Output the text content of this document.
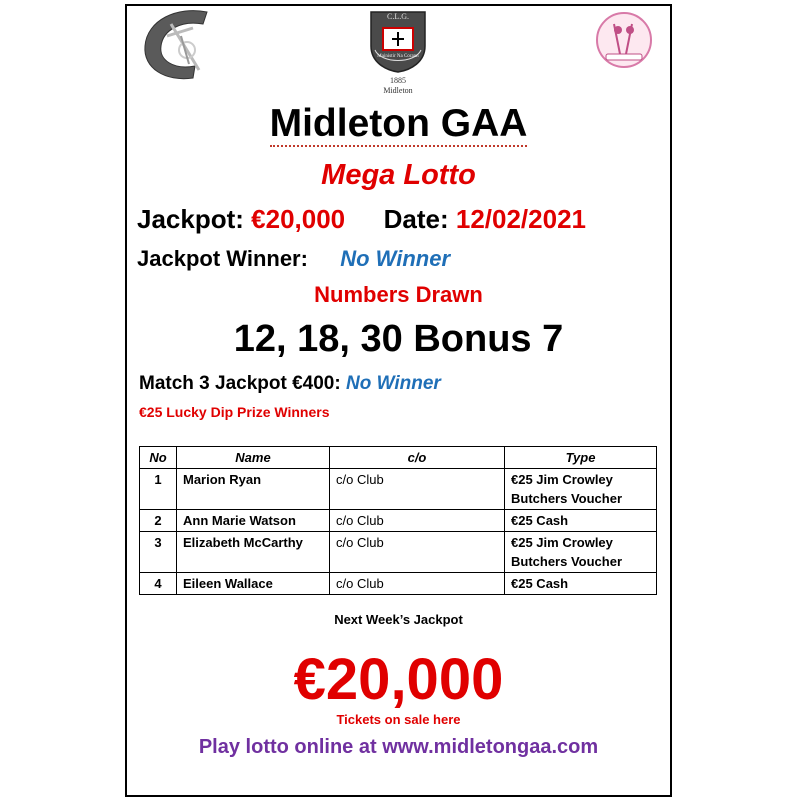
C.L.G.
Mainistir Na Corann
1885
Midleton
Midleton GAA
Mega Lotto
Jackpot: €20,000 Date: 12/02/2021
Jackpot Winner: No Winner
Numbers Drawn
12, 18, 30 Bonus 7
Match 3 Jackpot €400: No Winner
€25 Lucky Dip Prize Winners
No	Name	c/o	Type
1	Marion Ryan	c/o Club	€25 Jim Crowley Butchers Voucher
2	Ann Marie Watson	c/o Club	€25 Cash
3	Elizabeth McCarthy	c/o Club	€25 Jim Crowley Butchers Voucher
4	Eileen Wallace	c/o Club	€25 Cash
Next Week’s Jackpot
€20,000
Tickets on sale here
Play lotto online at www.midletongaa.com
